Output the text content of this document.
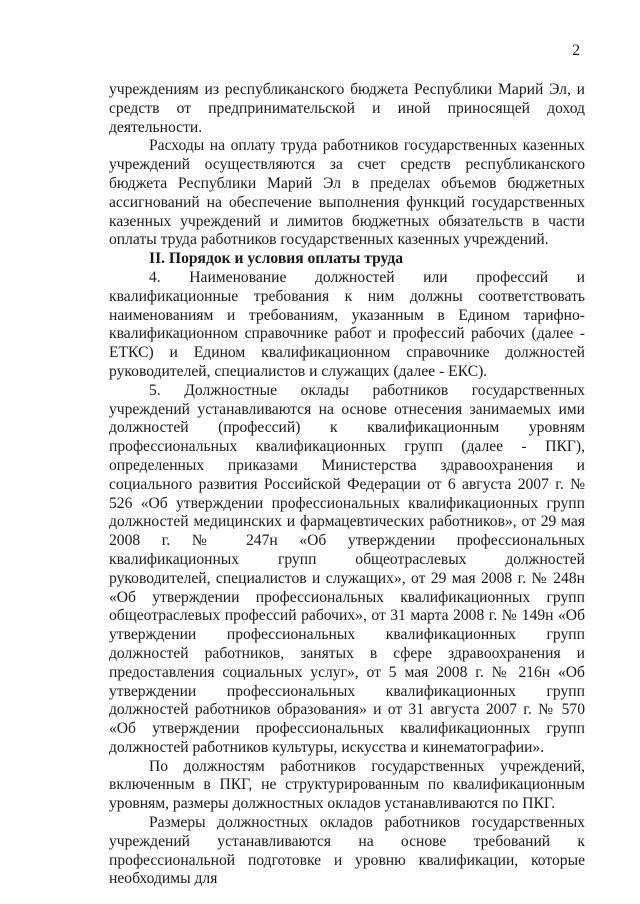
2

учреждениям из республиканского бюджета Республики Марий Эл, и средств от предпринимательской и иной приносящей доход деятельности.

Расходы на оплату труда работников государственных казенных учреждений осуществляются за счет средств республиканского бюджета Республики Марий Эл в пределах объемов бюджетных ассигнований на обеспечение выполнения функций государственных казенных учреждений и лимитов бюджетных обязательств в части оплаты труда работников государственных казенных учреждений.

II. Порядок и условия оплаты труда

4. Наименование должностей или профессий и квалификационные требования к ним должны соответствовать наименованиям и требованиям, указанным в Едином тарифно-квалификационном справочнике работ и профессий рабочих (далее - ЕТКС) и Едином квалификационном справочнике должностей руководителей, специалистов и служащих (далее - ЕКС).

5. Должностные оклады работников государственных учреждений устанавливаются на основе отнесения занимаемых ими должностей (профессий) к квалификационным уровням профессиональных квалификационных групп (далее - ПКГ), определенных приказами Министерства здравоохранения и социального развития Российской Федерации от 6 августа 2007 г. № 526 «Об утверждении профессиональных квалификационных групп должностей медицинских и фармацевтических работников», от 29 мая 2008 г. № 247н «Об утверждении профессиональных квалификационных групп общеотраслевых должностей руководителей, специалистов и служащих», от 29 мая 2008 г. № 248н «Об утверждении профессиональных квалификационных групп общеотраслевых профессий рабочих», от 31 марта 2008 г. № 149н «Об утверждении профессиональных квалификационных групп должностей работников, занятых в сфере здравоохранения и предоставления социальных услуг», от 5 мая 2008 г. № 216н «Об утверждении профессиональных квалификационных групп должностей работников образования» и от 31 августа 2007 г. № 570 «Об утверждении профессиональных квалификационных групп должностей работников культуры, искусства и кинематографии».

По должностям работников государственных учреждений, включенным в ПКГ, не структурированным по квалификационным уровням, размеры должностных окладов устанавливаются по ПКГ.

Размеры должностных окладов работников государственных учреждений устанавливаются на основе требований к профессиональной подготовке и уровню квалификации, которые необходимы для
